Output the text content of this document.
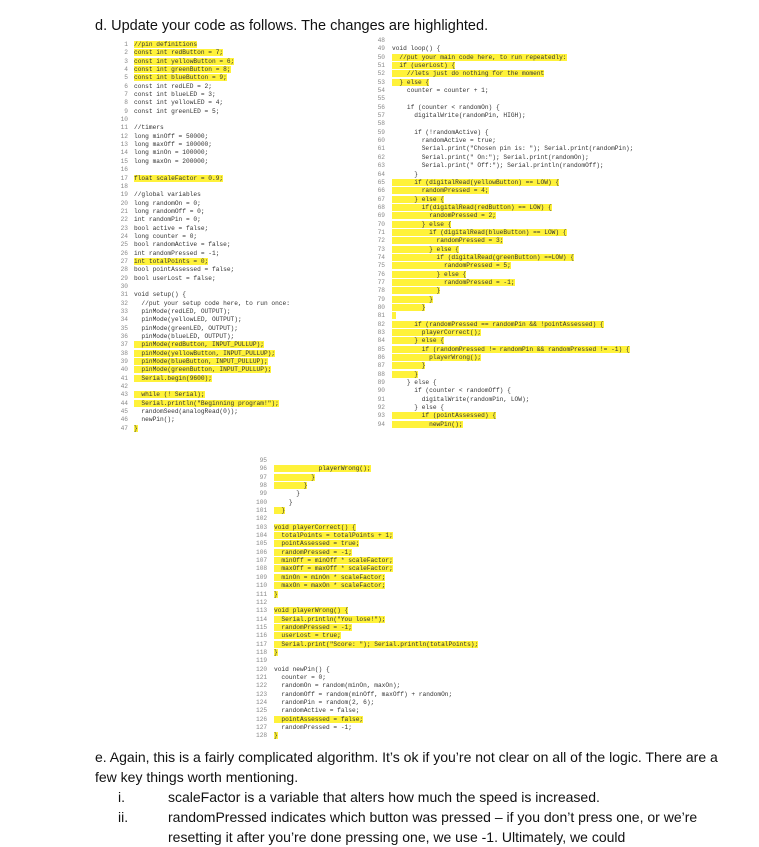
d. Update your code as follows. The changes are highlighted.
1 //pin definitions
2 const int redButton = 7;
3 const int yellowButton = 6;
4 const int greenButton = 8;
5 const int blueButton = 9;
6 const int redLED = 2;
7 const int blueLED = 3;
8 const int yellowLED = 4;
9 const int greenLED = 5;
10
11 //timers
12 long minOff = 50000;
13 long maxOff = 100000;
14 long minOn = 100000;
15 long maxOn = 200000;
16
17 float scaleFactor = 0.9;
18
19 //global variables
20 long randomOn = 0;
21 long randomOff = 0;
22 int randomPin = 0;
23 bool active = false;
24 long counter = 0;
25 bool randomActive = false;
26 int randomPressed = -1;
27 int totalPoints = 0;
28 bool pointAssessed = false;
29 bool userLost = false;
30
31 void setup() {
32  //put your setup code here, to run once:
33  pinMode(redLED, OUTPUT);
34  pinMode(yellowLED, OUTPUT);
35  pinMode(greenLED, OUTPUT);
36  pinMode(blueLED, OUTPUT);
37  pinMode(redButton, INPUT_PULLUP);
38  pinMode(yellowButton, INPUT_PULLUP);
39  pinMode(blueButton, INPUT_PULLUP);
40  pinMode(greenButton, INPUT_PULLUP);
41  Serial.begin(9600);
42
43  while (! Serial);
44  Serial.println("Beginning program!");
45  randomSeed(analogRead(0));
46  newPin();
47 }
48
49 void loop() {
50  //put your main code here, to run repeatedly:
51  if (userLost) {
52    //lets just do nothing for the moment
53  } else {
54    counter = counter + 1;
55
56    if (counter < randomOn) {
57      digitalWrite(randomPin, HIGH);
58
59      if (!randomActive) {
60        randomActive = true;
61        Serial.print("Chosen pin is: "); Serial.print(randomPin);
62        Serial.print(" On:"); Serial.print(randomOn);
63        Serial.print(" Off:"); Serial.println(randomOff);
64      }
65      if (digitalRead(yellowButton) == LOW) {
66        randomPressed = 4;
67      } else {
68        if(digitalRead(redButton) == LOW) {
69          randomPressed = 2;
70        } else {
71          if (digitalRead(blueButton) == LOW) {
72            randomPressed = 3;
73          } else {
74            if (digitalRead(greenButton) ==LOW) {
75              randomPressed = 5;
76            } else {
77              randomPressed = -1;
78            }
79          }
80        }
81
82      if (randomPressed == randomPin && !pointAssessed) {
83        playerCorrect();
84      } else {
85        if (randomPressed != randomPin && randomPressed != -1) {
86          playerWrong();
87        }
88      }
89    } else {
90      if (counter < randomOff) {
91        digitalWrite(randomPin, LOW);
92      } else {
93        if (pointAssessed) {
94          newPin();
95
96            playerWrong();
97          }
98        }
99      }
100    }
101  }
102
103 void playerCorrect() {
104  totalPoints = totalPoints + 1;
105  pointAssessed = true;
106  randomPressed = -1;
107  minOff = minOff * scaleFactor;
108  maxOff = maxOff * scaleFactor;
109  minOn = minOn * scaleFactor;
110  maxOn = maxOn * scaleFactor;
111 }
112
113 void playerWrong() {
114  Serial.println("You lose!");
115  randomPressed = -1;
116  userLost = true;
117  Serial.print("Score: "); Serial.println(totalPoints);
118 }
119
120 void newPin() {
121  counter = 0;
122  randomOn = random(minOn, maxOn);
123  randomOff = random(minOff, maxOff) + randomOn;
124  randomPin = random(2, 6);
125  randomActive = false;
126  pointAssessed = false;
127  randomPressed = -1;
128 }
e. Again, this is a fairly complicated algorithm. It’s ok if you’re not clear on all of the logic. There are a few key things worth mentioning.
i.	scaleFactor is a variable that alters how much the speed is increased.
ii.	randomPressed indicates which button was pressed – if you don’t press one, or we’re resetting it after you’re done pressing one, we use -1. Ultimately, we could
